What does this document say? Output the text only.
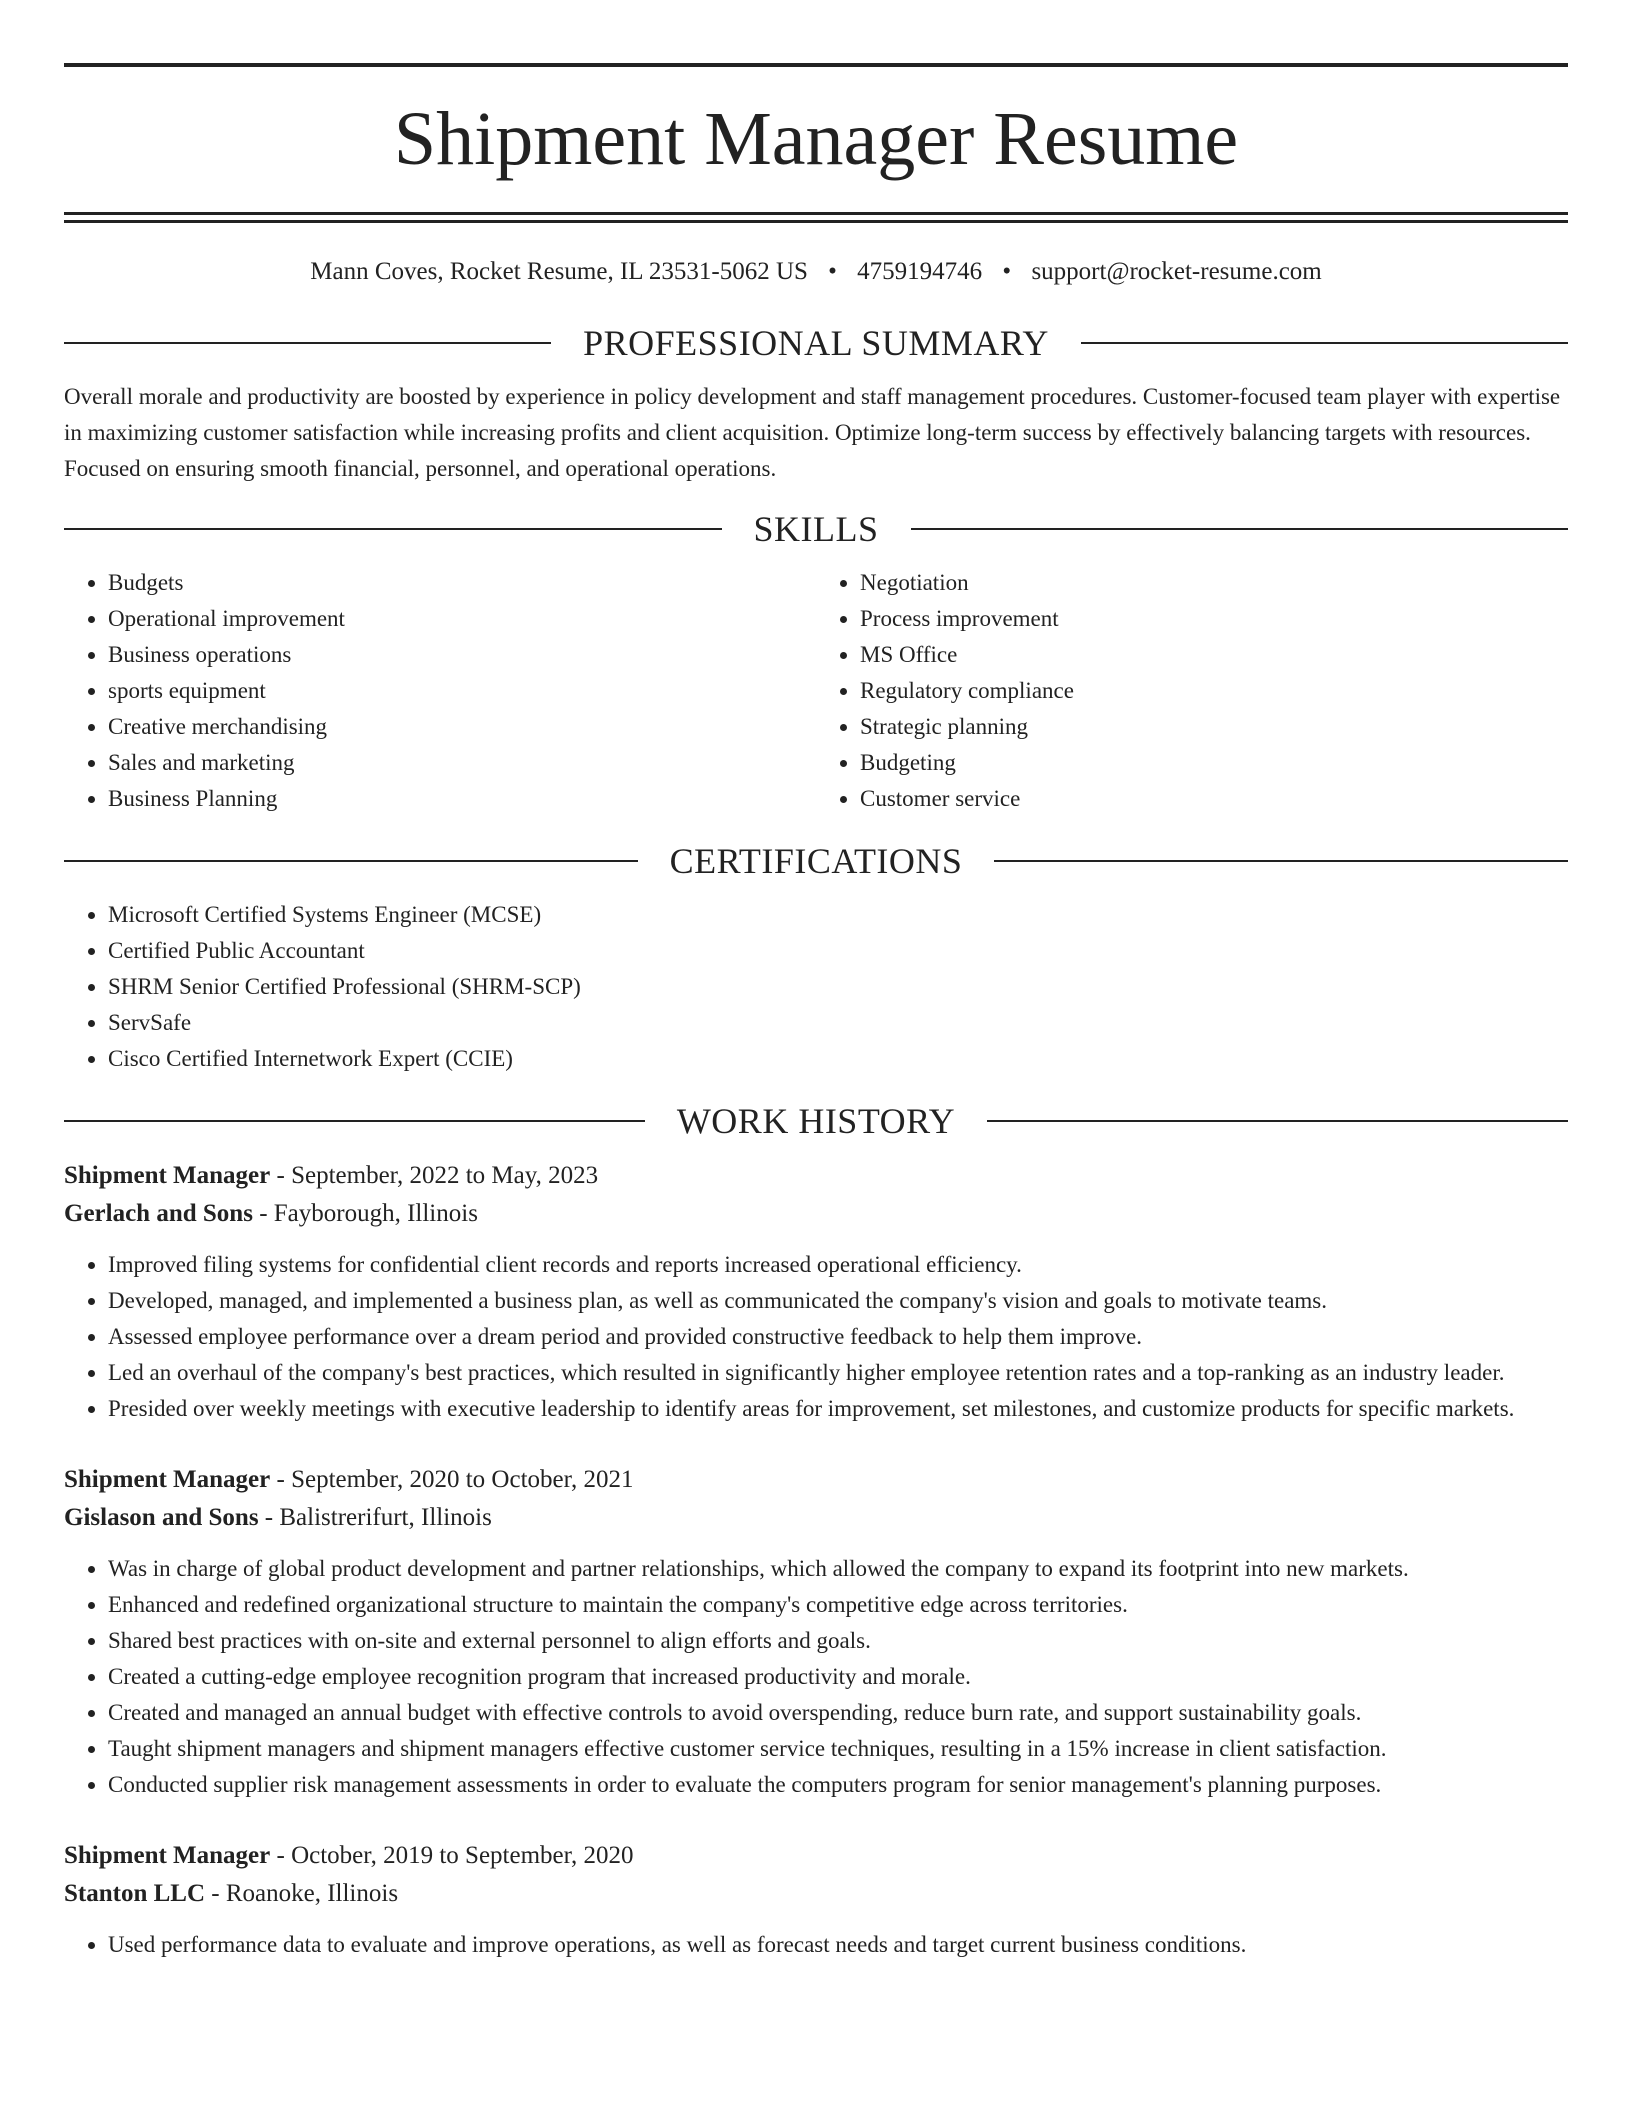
Shipment Manager Resume
Mann Coves, Rocket Resume, IL 23531-5062 US • 4759194746 • support@rocket-resume.com
PROFESSIONAL SUMMARY

Overall morale and productivity are boosted by experience in policy development and staff management procedures. Customer-focused team player with expertise in maximizing customer satisfaction while increasing profits and client acquisition. Optimize long-term success by effectively balancing targets with resources. Focused on ensuring smooth financial, personnel, and operational operations.

SKILLS
• Budgets
• Operational improvement
• Business operations
• sports equipment
• Creative merchandising
• Sales and marketing
• Business Planning
• Negotiation
• Process improvement
• MS Office
• Regulatory compliance
• Strategic planning
• Budgeting
• Customer service
CERTIFICATIONS
• Microsoft Certified Systems Engineer (MCSE)
• Certified Public Accountant
• SHRM Senior Certified Professional (SHRM-SCP)
• ServSafe
• Cisco Certified Internetwork Expert (CCIE)
WORK HISTORY
Shipment Manager - September, 2022 to May, 2023
Gerlach and Sons - Fayborough, Illinois
• Improved filing systems for confidential client records and reports increased operational efficiency.
• Developed, managed, and implemented a business plan, as well as communicated the company's vision and goals to motivate teams.
• Assessed employee performance over a dream period and provided constructive feedback to help them improve.
• Led an overhaul of the company's best practices, which resulted in significantly higher employee retention rates and a top-ranking as an industry leader.
• Presided over weekly meetings with executive leadership to identify areas for improvement, set milestones, and customize products for specific markets.
Shipment Manager - September, 2020 to October, 2021
Gislason and Sons - Balistrerifurt, Illinois
• Was in charge of global product development and partner relationships, which allowed the company to expand its footprint into new markets.
• Enhanced and redefined organizational structure to maintain the company's competitive edge across territories.
• Shared best practices with on-site and external personnel to align efforts and goals.
• Created a cutting-edge employee recognition program that increased productivity and morale.
• Created and managed an annual budget with effective controls to avoid overspending, reduce burn rate, and support sustainability goals.
• Taught shipment managers and shipment managers effective customer service techniques, resulting in a 15% increase in client satisfaction.
• Conducted supplier risk management assessments in order to evaluate the computers program for senior management's planning purposes.
Shipment Manager - October, 2019 to September, 2020
Stanton LLC - Roanoke, Illinois
• Used performance data to evaluate and improve operations, as well as forecast needs and target current business conditions.
